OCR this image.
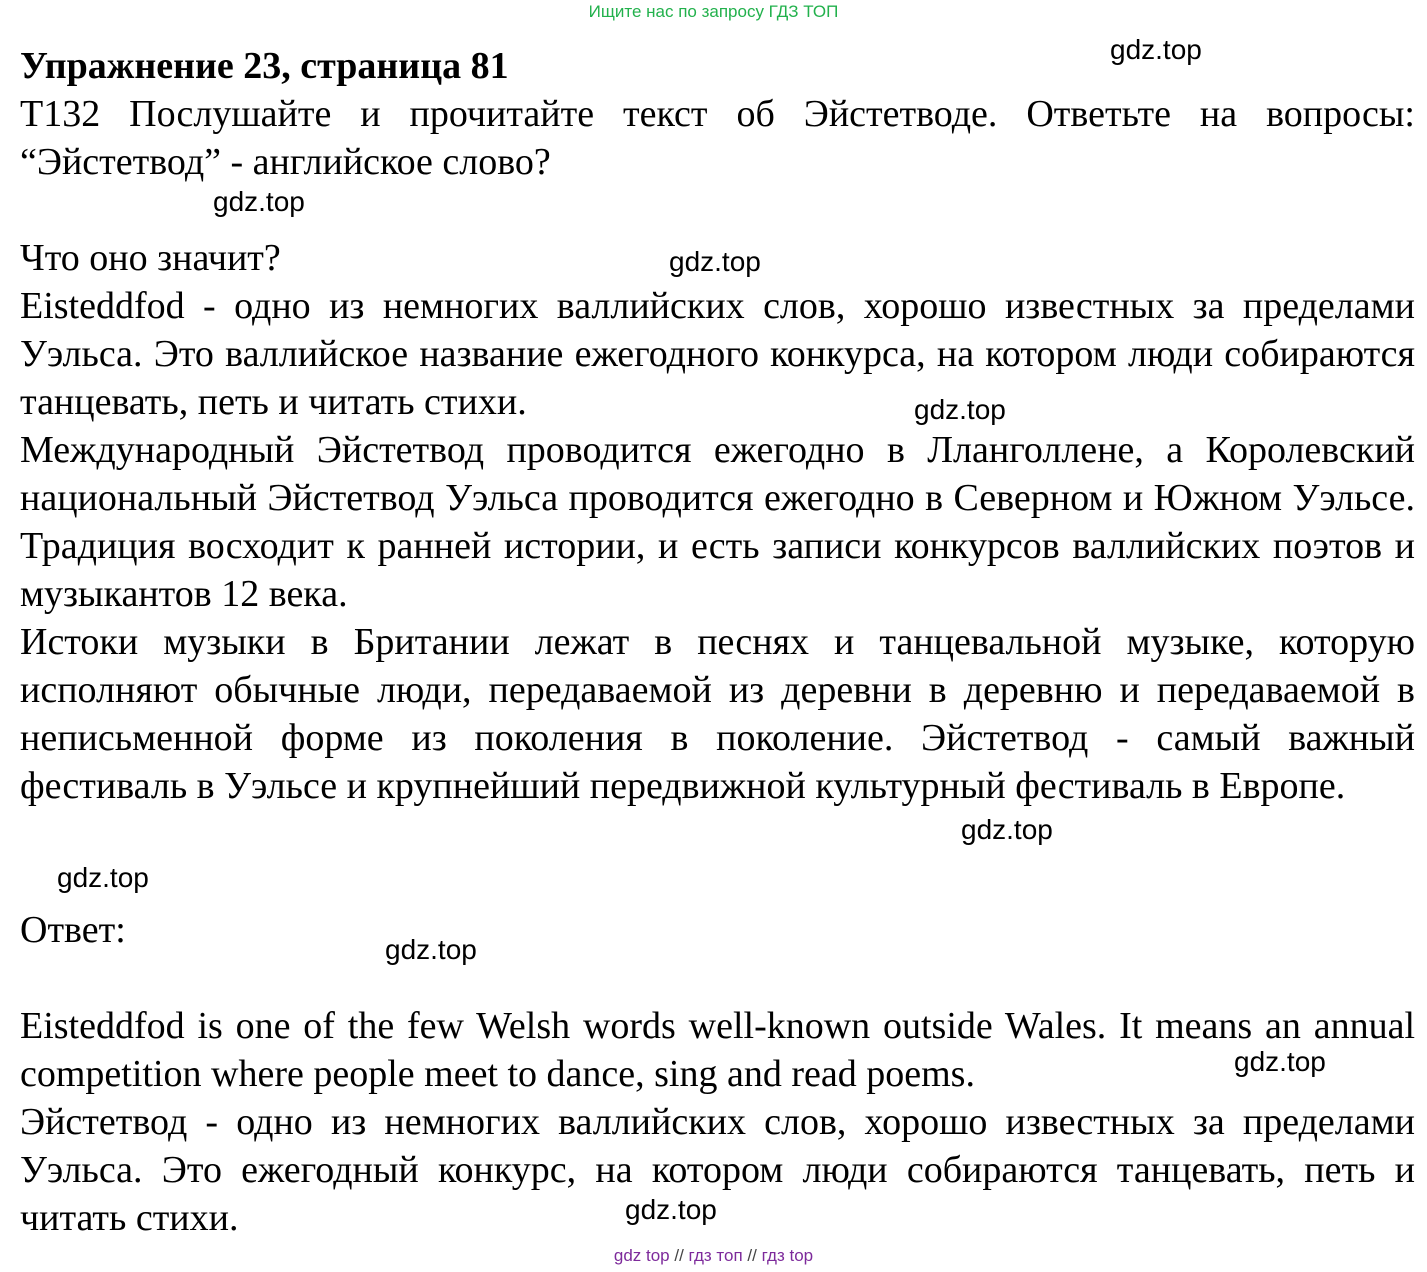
Ищите нас по запросу ГДЗ ТОП
Упражнение 23, страница 81

T132 Послушайте и прочитайте текст об Эйстетводе. Ответьте на вопросы: “Эйстетвод” - английское слово?

Что оно значит?

Eisteddfod - одно из немногих валлийских слов, хорошо известных за пределами Уэльса. Это валлийское название ежегодного конкурса, на котором люди собираются танцевать, петь и читать стихи.

Международный Эйстетвод проводится ежегодно в Лланголлене, а Королевский национальный Эйстетвод Уэльса проводится ежегодно в Северном и Южном Уэльсе. Традиция восходит к ранней истории, и есть записи конкурсов валлийских поэтов и музыкантов 12 века.

Истоки музыки в Британии лежат в песнях и танцевальной музыке, которую исполняют обычные люди, передаваемой из деревни в деревню и передаваемой в неписьменной форме из поколения в поколение. Эйстетвод - самый важный фестиваль в Уэльсе и крупнейший передвижной культурный фестиваль в Европе.

Ответ:

Eisteddfod is one of the few Welsh words well-known outside Wales. It means an annual competition where people meet to dance, sing and read poems.

Эйстетвод - одно из немногих валлийских слов, хорошо известных за пределами Уэльса. Это ежегодный конкурс, на котором люди собираются танцевать, петь и читать стихи.

gdz.top
gdz.top
gdz.top
gdz.top
gdz.top
gdz.top
gdz.top
gdz.top
gdz.top
gdz top // гдз топ // гдз top
